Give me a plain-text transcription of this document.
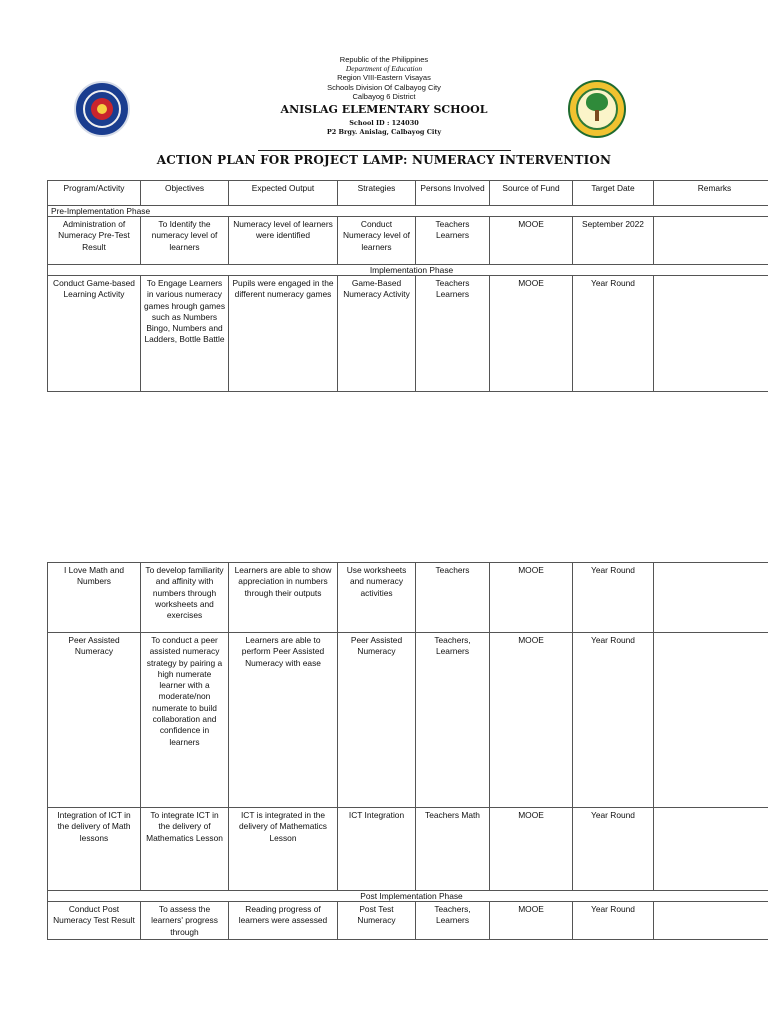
Republic of the Philippines
Department of Education
Region VIII-Eastern Visayas
Schools Division Of Calbayog City
Calbayog 6 District
ANISLAG ELEMENTARY SCHOOL
School ID : 124030
P2 Brgy. Anislag, Calbayog City
ACTION PLAN FOR PROJECT LAMP: NUMERACY INTERVENTION
Program/Activity	Objectives	Expected Output	Strategies	Persons Involved	Source of Fund	Target Date	Remarks
Pre-Implementation Phase							
Administration of Numeracy Pre-Test Result	To Identify the numeracy level of learners	Numeracy level of learners were identified	Conduct Numeracy level of learners	Teachers Learners	MOOE	September 2022	
Implementation Phase							
Conduct Game-based Learning Activity	To Engage Learners in various numeracy games hrough games such as Numbers Bingo, Numbers and Ladders, Bottle Battle	Pupils were engaged in the different numeracy games	Game-Based Numeracy Activity	Teachers Learners	MOOE	Year Round	
I Love Math and Numbers	To develop familiarity and affinity with numbers through worksheets and exercises	Learners are able to show appreciation in numbers through their outputs	Use worksheets and numeracy activities	Teachers	MOOE	Year Round	
Peer Assisted Numeracy	To conduct a peer assisted numeracy strategy by pairing a high numerate learner with a moderate/non numerate to build collaboration and confidence in learners	Learners are able to perform Peer Assisted Numeracy with ease	Peer Assisted Numeracy	Teachers, Learners	MOOE	Year Round	
Integration of ICT in the delivery of Math lessons	To integrate ICT in the delivery of Mathematics Lesson	ICT is integrated in the delivery of Mathematics Lesson	ICT Integration	Teachers Math	MOOE	Year Round	
Post Implementation Phase							
Conduct Post Numeracy Test Result	To assess the learners' progress through	Reading progress of learners were assessed	Post Test Numeracy	Teachers, Learners	MOOE	Year Round	
